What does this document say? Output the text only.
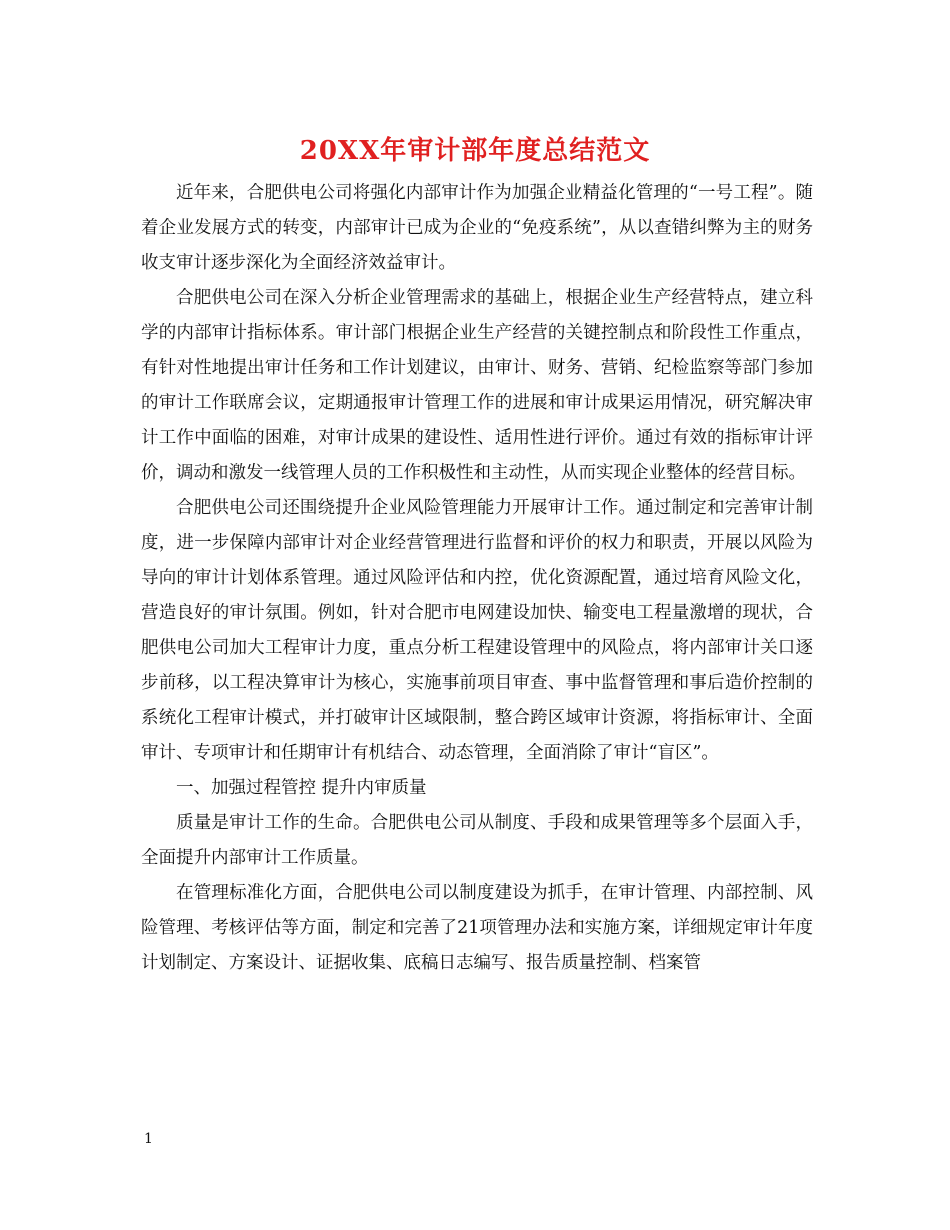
20XX年审计部年度总结范文

近年来，合肥供电公司将强化内部审计作为加强企业精益化管理的“一号工程”。随着企业发展方式的转变，内部审计已成为企业的“免疫系统”，从以查错纠弊为主的财务收支审计逐步深化为全面经济效益审计。

合肥供电公司在深入分析企业管理需求的基础上，根据企业生产经营特点，建立科学的内部审计指标体系。审计部门根据企业生产经营的关键控制点和阶段性工作重点，有针对性地提出审计任务和工作计划建议，由审计、财务、营销、纪检监察等部门参加的审计工作联席会议，定期通报审计管理工作的进展和审计成果运用情况，研究解决审计工作中面临的困难，对审计成果的建设性、适用性进行评价。通过有效的指标审计评价，调动和激发一线管理人员的工作积极性和主动性，从而实现企业整体的经营目标。

合肥供电公司还围绕提升企业风险管理能力开展审计工作。通过制定和完善审计制度，进一步保障内部审计对企业经营管理进行监督和评价的权力和职责，开展以风险为导向的审计计划体系管理。通过风险评估和内控，优化资源配置，通过培育风险文化，营造良好的审计氛围。例如，针对合肥市电网建设加快、输变电工程量激增的现状，合肥供电公司加大工程审计力度，重点分析工程建设管理中的风险点，将内部审计关口逐步前移，以工程决算审计为核心，实施事前项目审查、事中监督管理和事后造价控制的系统化工程审计模式，并打破审计区域限制，整合跨区域审计资源，将指标审计、全面审计、专项审计和任期审计有机结合、动态管理，全面消除了审计“盲区”。

一、加强过程管控 提升内审质量

质量是审计工作的生命。合肥供电公司从制度、手段和成果管理等多个层面入手，全面提升内部审计工作质量。

在管理标准化方面，合肥供电公司以制度建设为抓手，在审计管理、内部控制、风险管理、考核评估等方面，制定和完善了21项管理办法和实施方案，详细规定审计年度计划制定、方案设计、证据收集、底稿日志编写、报告质量控制、档案管

1
